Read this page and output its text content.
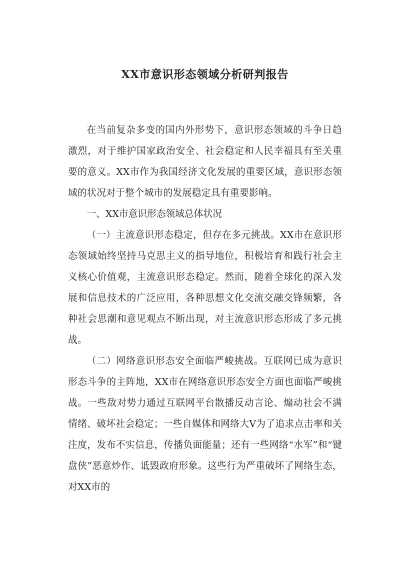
XX市意识形态领域分析研判报告

在当前复杂多变的国内外形势下，意识形态领域的斗争日趋激烈，对于维护国家政治安全、社会稳定和人民幸福具有至关重要的意义。XX市作为我国经济文化发展的重要区域，意识形态领域的状况对于整个城市的发展稳定具有重要影响。

一、XX市意识形态领域总体状况

（一）主流意识形态稳定，但存在多元挑战。XX市在意识形态领域始终坚持马克思主义的指导地位，积极培育和践行社会主义核心价值观，主流意识形态稳定。然而，随着全球化的深入发展和信息技术的广泛应用，各种思想文化交流交融交锋频繁，各种社会思潮和意见观点不断出现，对主流意识形态形成了多元挑战。

（二）网络意识形态安全面临严峻挑战。互联网已成为意识形态斗争的主阵地，XX市在网络意识形态安全方面也面临严峻挑战。一些敌对势力通过互联网平台散播反动言论、煽动社会不满情绪、破坏社会稳定；一些自媒体和网络大V为了追求点击率和关注度，发布不实信息，传播负面能量；还有一些网络“水军”和“键盘侠”恶意炒作、诋毁政府形象。这些行为严重破坏了网络生态，对XX市的
